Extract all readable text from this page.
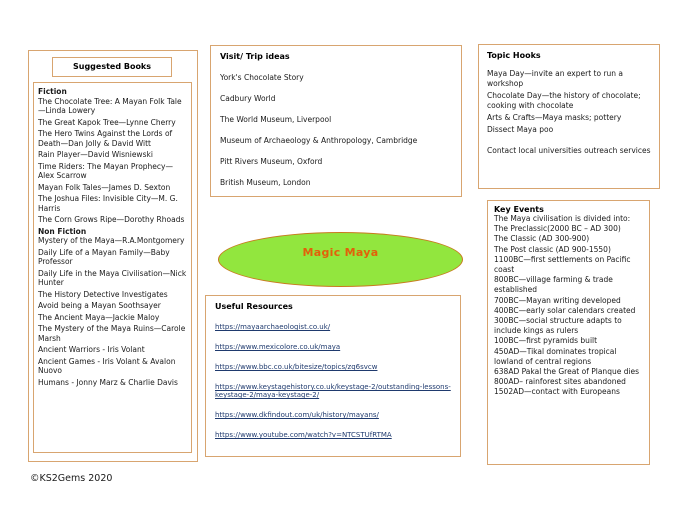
Suggested Books
Fiction
The Chocolate Tree: A Mayan Folk Tale—Linda Lowery
The Great Kapok Tree—Lynne Cherry
The Hero Twins Against the Lords of Death—Dan Jolly & David Witt
Rain Player—David Wisniewski
Time Riders: The Mayan Prophecy—Alex Scarrow
Mayan Folk Tales—James D. Sexton
The Joshua Files: Invisible City—M. G. Harris
The Corn Grows Ripe—Dorothy Rhoads
Non Fiction
Mystery of the Maya—R.A.Montgomery
Daily Life of a Mayan Family—Baby Professor
Daily Life in the Maya Civilisation—Nick Hunter
The History Detective Investigates
Avoid being a Mayan Soothsayer
The Ancient Maya—Jackie Maloy
The Mystery of the Maya Ruins—Carole Marsh
Ancient Warriors - Iris Volant
Ancient Games - Iris Volant & Avalon Nuovo
Humans - Jonny Marz & Charlie Davis
Visit/ Trip ideas
York's Chocolate Story
Cadbury World
The World Museum, Liverpool
Museum of Archaeology & Anthropology, Cambridge
Pitt Rivers Museum, Oxford
British Museum, London
Magic Maya
Useful Resources
https://mayaarchaeologist.co.uk/
https://www.mexicolore.co.uk/maya
https://www.bbc.co.uk/bitesize/topics/zq6svcw
https://www.keystagehistory.co.uk/keystage-2/outstanding-lessons-keystage-2/maya-keystage-2/
https://www.dkfindout.com/uk/history/mayans/
https://www.youtube.com/watch?v=NTCSTUfRTMA
Topic Hooks
Maya Day—invite an expert to run a workshop
Chocolate Day—the history of chocolate; cooking with chocolate
Arts & Crafts—Maya masks; pottery
Dissect Maya poo
Contact local universities outreach services
Key Events
The Maya civilisation is divided into:
The Preclassic(2000 BC – AD 300)
The Classic (AD 300-900)
The Post classic (AD 900-1550)
1100BC—first settlements on Pacific coast
800BC—village farming & trade established
700BC—Mayan writing developed
400BC—early solar calendars created
300BC—social structure adapts to include kings as rulers
100BC—first pyramids built
450AD—Tikal dominates tropical lowland of central regions
638AD Pakal the Great of Planque dies
800AD– rainforest sites abandoned
1502AD—contact with Europeans
©KS2Gems 2020
